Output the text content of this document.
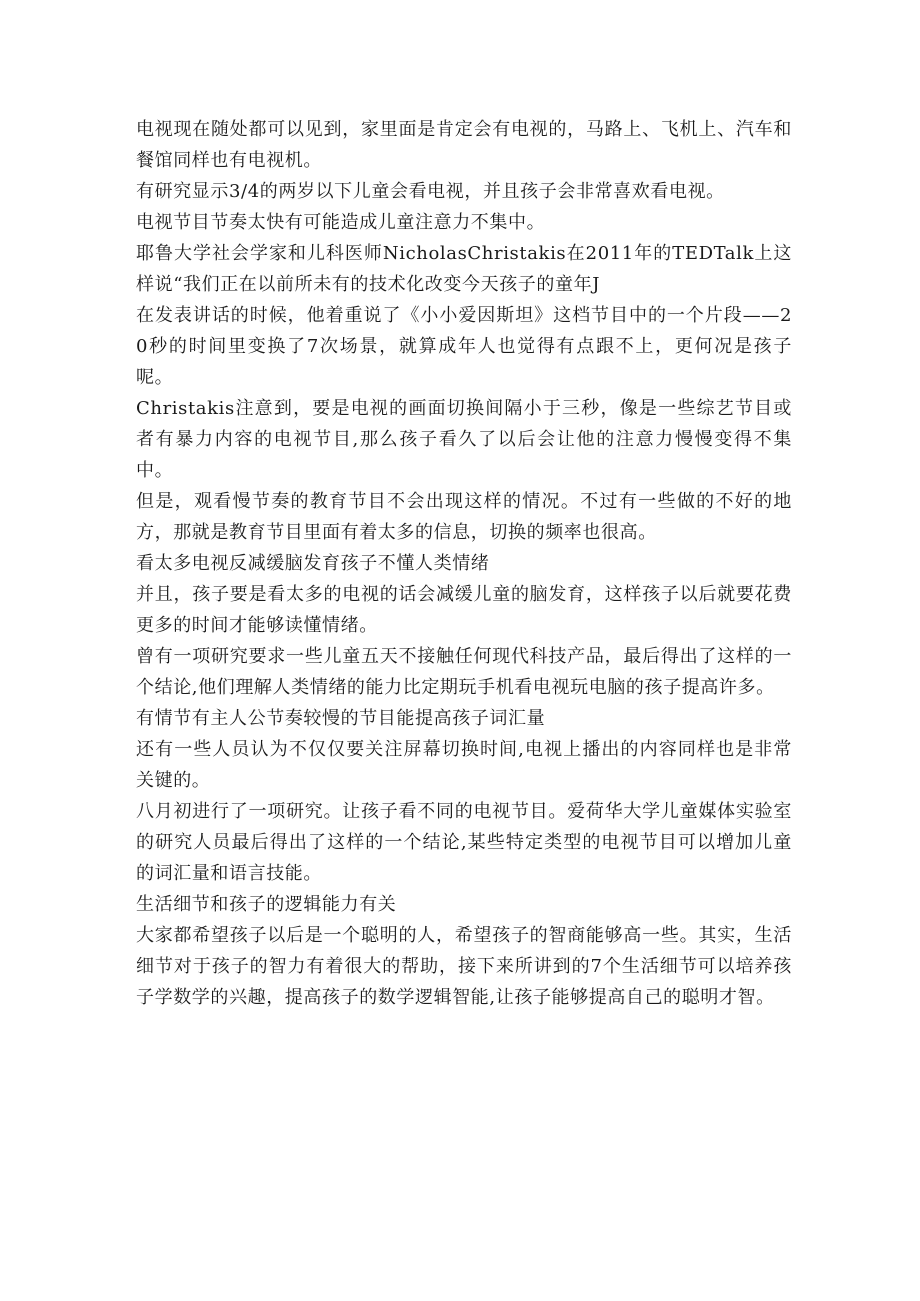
电视现在随处都可以见到，家里面是肯定会有电视的，马路上、飞机上、汽车和餐馆同样也有电视机。

有研究显示3/4的两岁以下儿童会看电视，并且孩子会非常喜欢看电视。

电视节目节奏太快有可能造成儿童注意力不集中。

耶鲁大学社会学家和儿科医师NicholasChristakis在2011年的TEDTalk上这样说“我们正在以前所未有的技术化改变今天孩子的童年J

在发表讲话的时候，他着重说了《小小爱因斯坦》这档节目中的一个片段——20秒的时间里变换了7次场景，就算成年人也觉得有点跟不上，更何况是孩子呢。

Christakis注意到，要是电视的画面切换间隔小于三秒，像是一些综艺节目或者有暴力内容的电视节目,那么孩子看久了以后会让他的注意力慢慢变得不集中。

但是，观看慢节奏的教育节目不会出现这样的情况。不过有一些做的不好的地方，那就是教育节目里面有着太多的信息，切换的频率也很高。

看太多电视反减缓脑发育孩子不懂人类情绪

并且，孩子要是看太多的电视的话会减缓儿童的脑发育，这样孩子以后就要花费更多的时间才能够读懂情绪。

曾有一项研究要求一些儿童五天不接触任何现代科技产品，最后得出了这样的一个结论,他们理解人类情绪的能力比定期玩手机看电视玩电脑的孩子提高许多。

有情节有主人公节奏较慢的节目能提高孩子词汇量

还有一些人员认为不仅仅要关注屏幕切换时间,电视上播出的内容同样也是非常关键的。

八月初进行了一项研究。让孩子看不同的电视节目。爱荷华大学儿童媒体实验室的研究人员最后得出了这样的一个结论,某些特定类型的电视节目可以增加儿童的词汇量和语言技能。

生活细节和孩子的逻辑能力有关

大家都希望孩子以后是一个聪明的人，希望孩子的智商能够高一些。其实，生活细节对于孩子的智力有着很大的帮助，接下来所讲到的7个生活细节可以培养孩子学数学的兴趣，提高孩子的数学逻辑智能,让孩子能够提高自己的聪明才智。
